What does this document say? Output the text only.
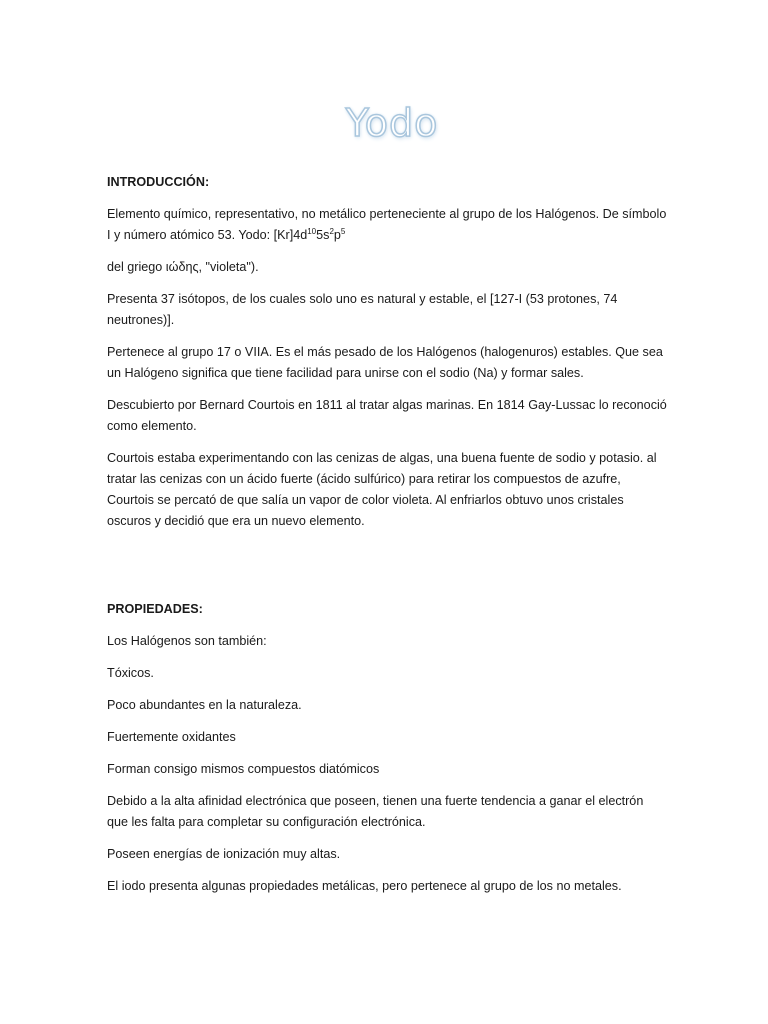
Yodo
INTRODUCCIÓN:

Elemento químico, representativo, no metálico perteneciente al grupo de los Halógenos. De símbolo I y número atómico 53. Yodo: $[Kr]4d^{10}5s^2p^5$

del griego ιώδης, "violeta").

Presenta 37 isótopos, de los cuales solo uno es natural y estable, el [127-I (53 protones, 74 neutrones)].

Pertenece al grupo 17 o VIIA. Es el más pesado de los Halógenos (halogenuros) estables. Que sea un Halógeno significa que tiene facilidad para unirse con el sodio (Na) y formar sales.

Descubierto por Bernard Courtois en 1811 al tratar algas marinas. En 1814 Gay-Lussac lo reconoció como elemento.

Courtois estaba experimentando con las cenizas de algas, una buena fuente de sodio y potasio. al tratar las cenizas con un ácido fuerte (ácido sulfúrico) para retirar los compuestos de azufre, Courtois se percató de que salía un vapor de color violeta. Al enfriarlos obtuvo unos cristales oscuros y decidió que era un nuevo elemento.

PROPIEDADES:

Los Halógenos son también:

Tóxicos.

Poco abundantes en la naturaleza.

Fuertemente oxidantes

Forman consigo mismos compuestos diatómicos

Debido a la alta afinidad electrónica que poseen, tienen una fuerte tendencia a ganar el electrón que les falta para completar su configuración electrónica.

Poseen energías de ionización muy altas.

El iodo presenta algunas propiedades metálicas, pero pertenece al grupo de los no metales.
